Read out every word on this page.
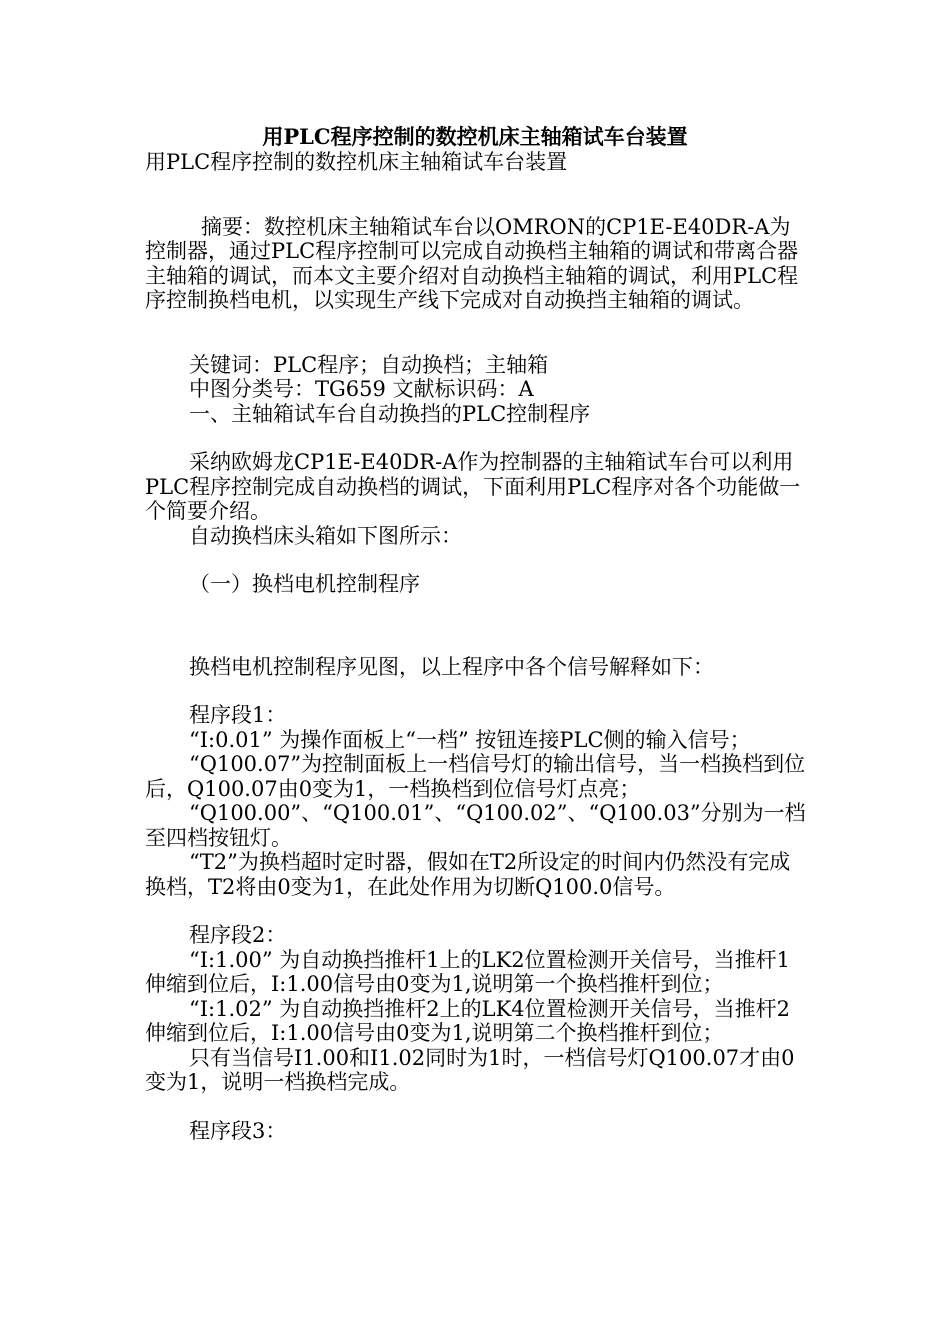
用PLC程序控制的数控机床主轴箱试车台装置

用PLC程序控制的数控机床主轴箱试车台装置

摘要：数控机床主轴箱试车台以OMRON的CP1E-E40DR-A为控制器，通过PLC程序控制可以完成自动换档主轴箱的调试和带离合器主轴箱的调试，而本文主要介绍对自动换档主轴箱的调试，利用PLC程序控制换档电机，以实现生产线下完成对自动换挡主轴箱的调试。

关键词：PLC程序；自动换档；主轴箱

中图分类号：TG659 文献标识码：A

一、主轴箱试车台自动换挡的PLC控制程序

采纳欧姆龙CP1E-E40DR-A作为控制器的主轴箱试车台可以利用PLC程序控制完成自动换档的调试，下面利用PLC程序对各个功能做一个简要介绍。

自动换档床头箱如下图所示：

（一）换档电机控制程序

换档电机控制程序见图，以上程序中各个信号解释如下：

程序段1：

“I:0.01” 为操作面板上“一档” 按钮连接PLC侧的输入信号；

“Q100.07”为控制面板上一档信号灯的输出信号，当一档换档到位后，Q100.07由0变为1，一档换档到位信号灯点亮；

“Q100.00”、“Q100.01”、“Q100.02”、“Q100.03”分别为一档至四档按钮灯。

“T2”为换档超时定时器，假如在T2所设定的时间内仍然没有完成换档，T2将由0变为1，在此处作用为切断Q100.0信号。

程序段2：

“I:1.00” 为自动换挡推杆1上的LK2位置检测开关信号，当推杆1伸缩到位后，I:1.00信号由0变为1,说明第一个换档推杆到位；

“I:1.02” 为自动换挡推杆2上的LK4位置检测开关信号，当推杆2伸缩到位后，I:1.00信号由0变为1,说明第二个换档推杆到位；

只有当信号I1.00和I1.02同时为1时，一档信号灯Q100.07才由0变为1，说明一档换档完成。

程序段3：
